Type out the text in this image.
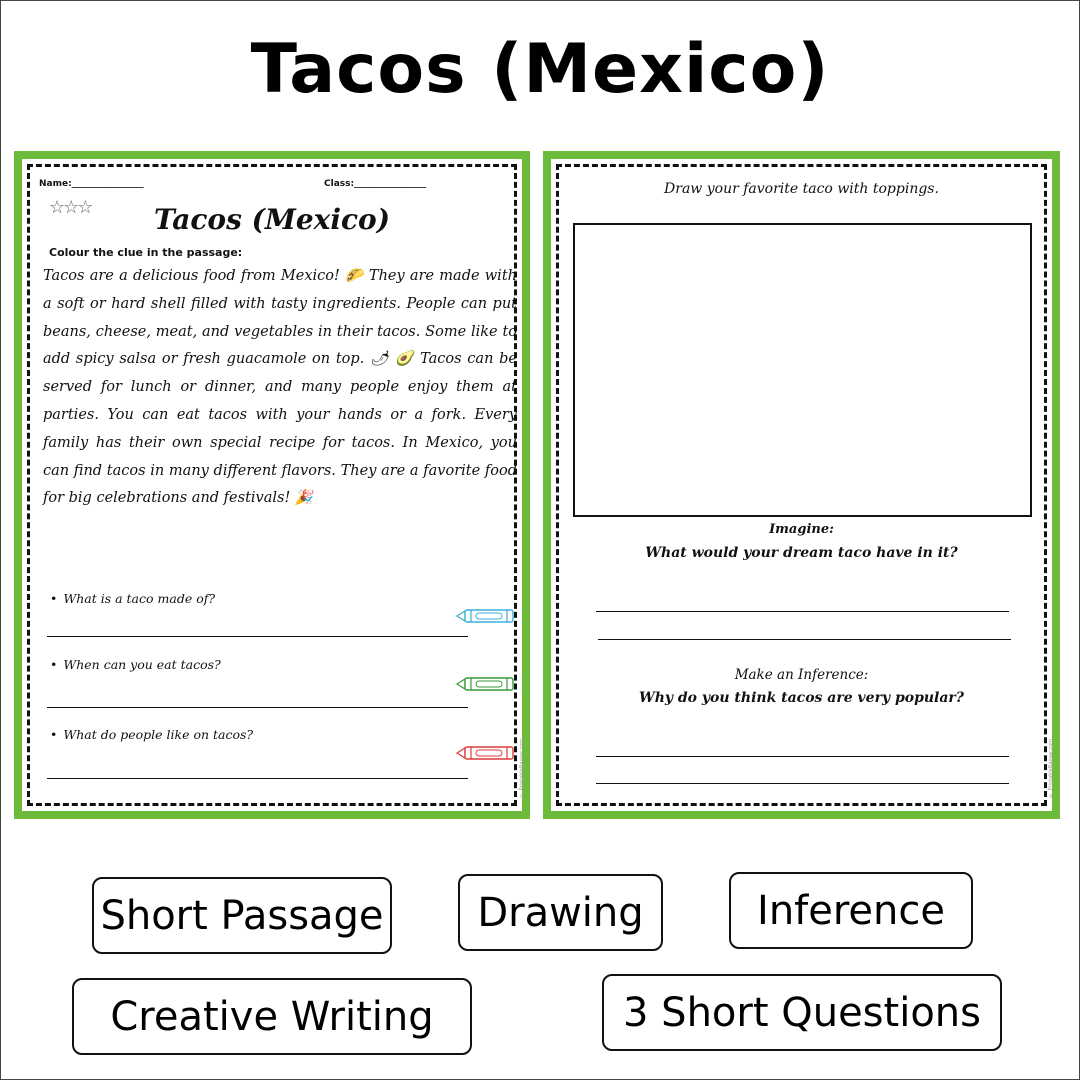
Tacos (Mexico)
Name:________________	Class:________________
☆☆☆	Tacos (Mexico)
Colour the clue in the passage:
Tacos are a delicious food from Mexico! 🌮 They are made with a soft or hard shell filled with tasty ingredients. People can put beans, cheese, meat, and vegetables in their tacos. Some like to add spicy salsa or fresh guacamole on top. 🌶 🥑 Tacos can be served for lunch or dinner, and many people enjoy them at parties. You can eat tacos with your hands or a fork. Every family has their own special recipe for tacos. In Mexico, you can find tacos in many different flavors. They are a favorite food for big celebrations and festivals! 🎉
• What is a taco made of?
• When can you eat tacos?
• What do people like on tacos?
© PrintableBazaar.com
Draw your favorite taco with toppings.
Imagine:
What would your dream taco have in it?
Make an Inference:
Why do you think tacos are very popular?
© PrintableBazaar.com
Short Passage	Drawing	Inference
Creative Writing	3 Short Questions
